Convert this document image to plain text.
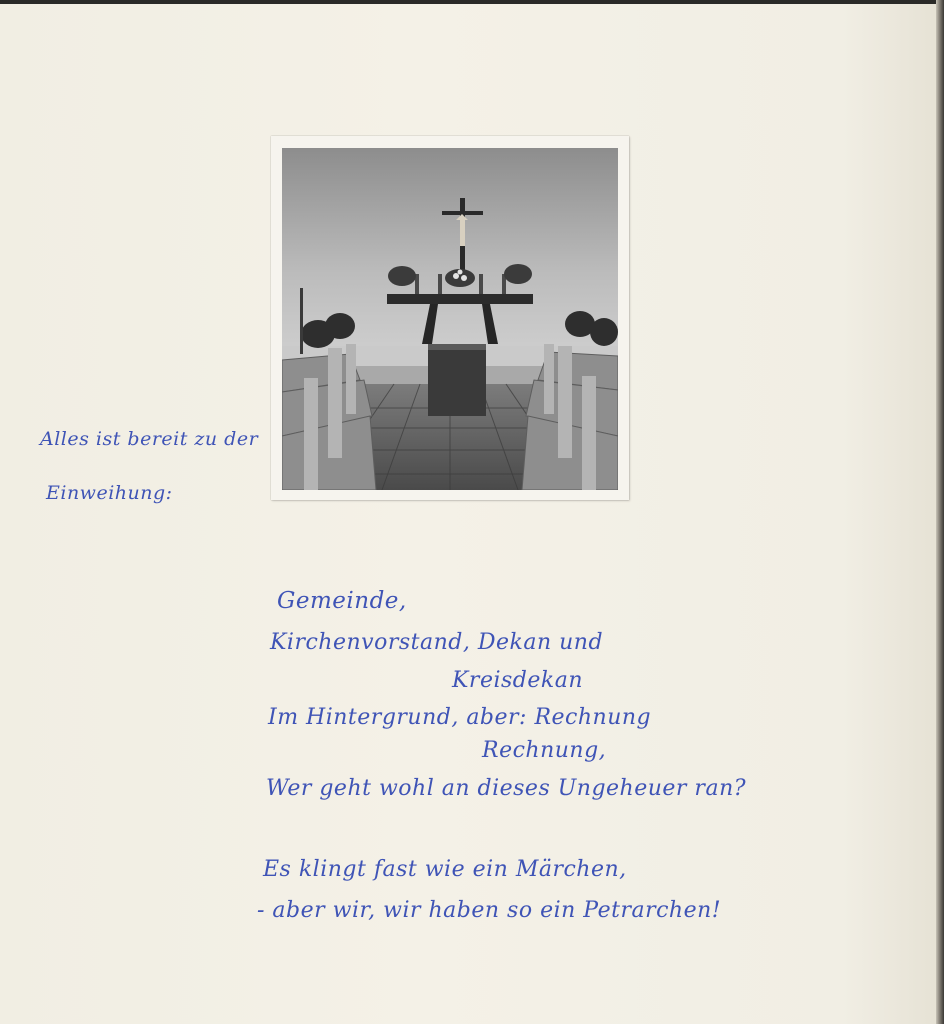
Alles ist bereit zu der
Einweihung:
Gemeinde,
Kirchenvorstand, Dekan und
Kreisdekan
Im Hintergrund, aber: Rechnung
Rechnung,
Wer geht wohl an dieses Ungeheuer ran?
Es klingt fast wie ein Märchen,
- aber wir, wir haben so ein Petrarchen!
